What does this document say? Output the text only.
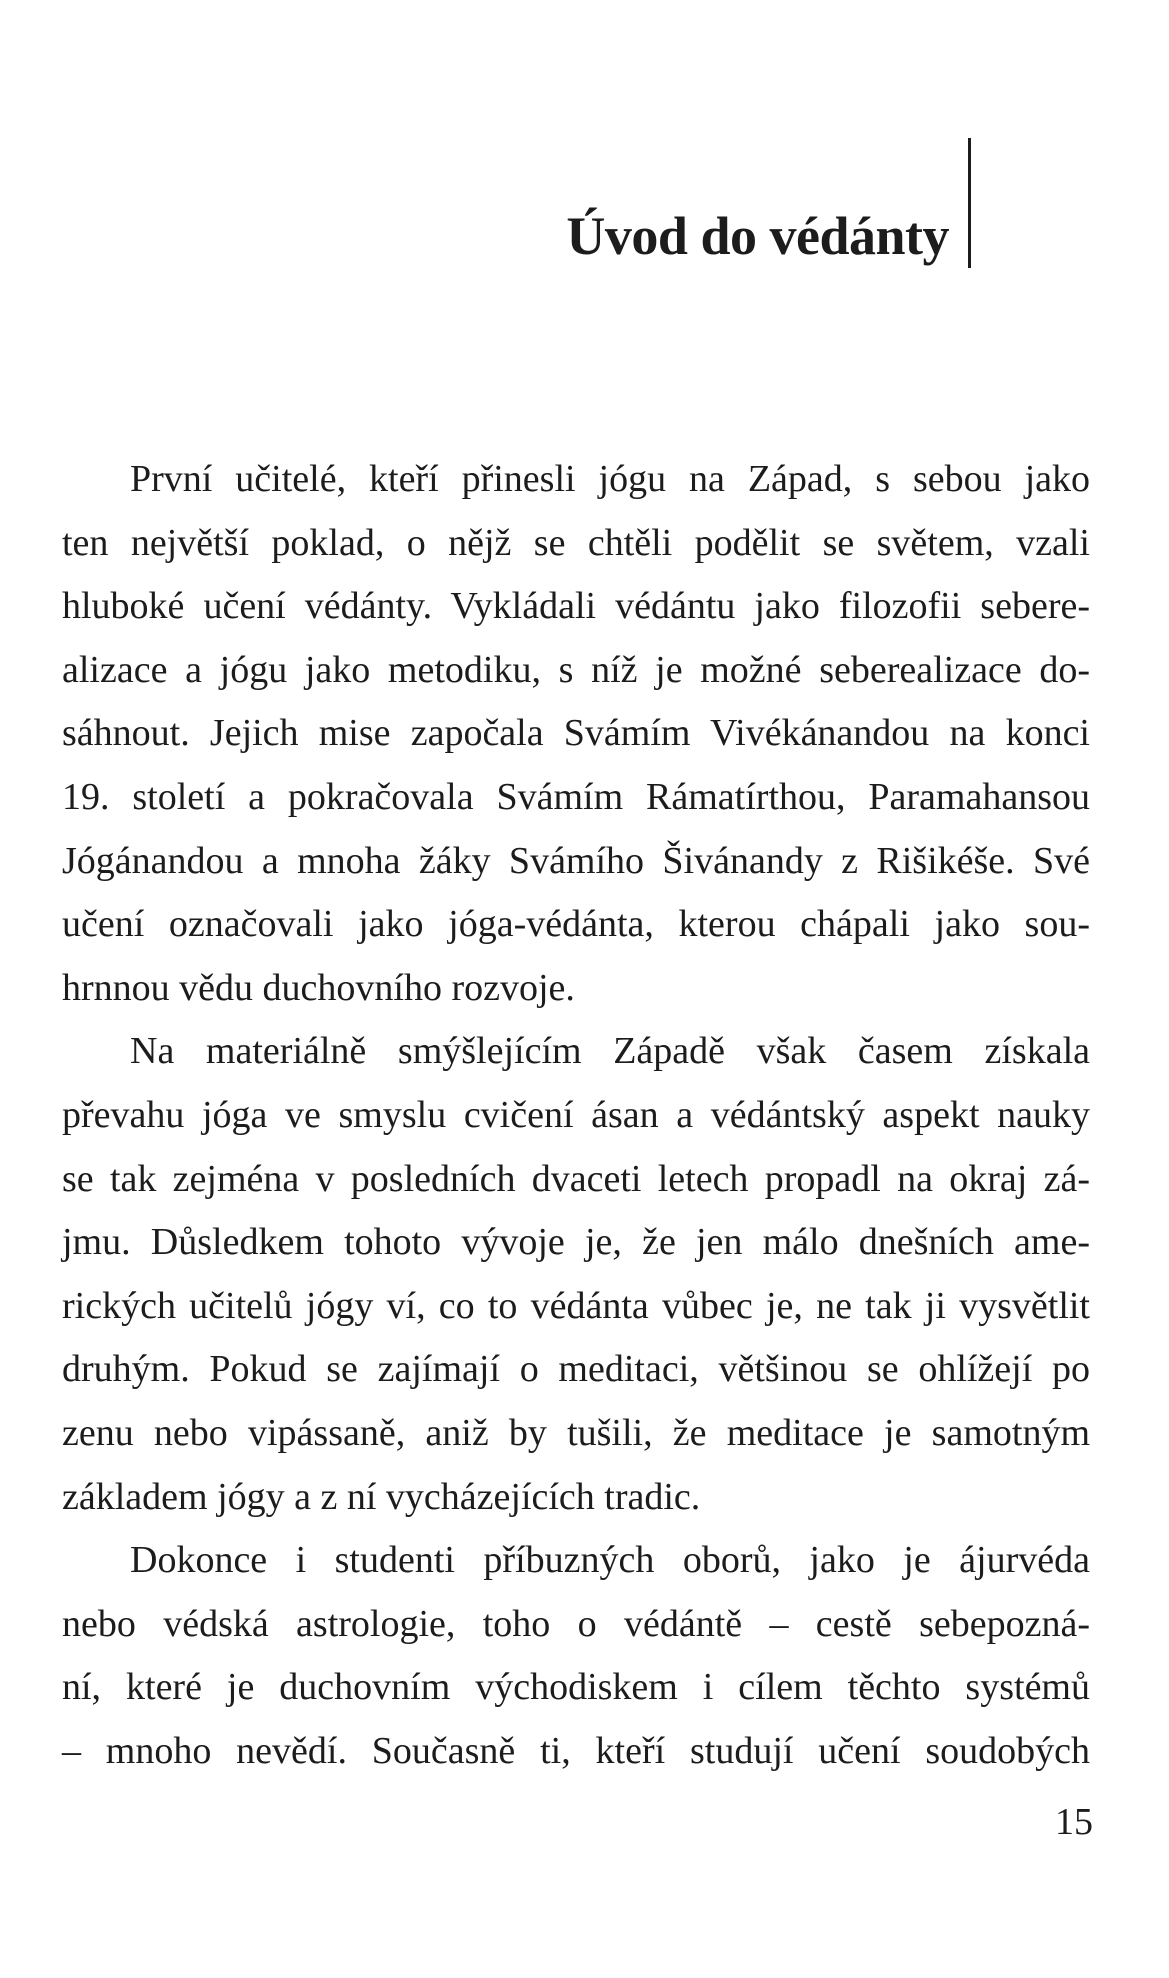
Úvod do védánty
První učitelé, kteří přinesli jógu na Západ, s sebou jako
ten největší poklad, o nějž se chtěli podělit se světem, vzali
hluboké učení védánty. Vykládali védántu jako filozofii sebere-
alizace a jógu jako metodiku, s níž je možné seberealizace do-
sáhnout. Jejich mise započala Svámím Vivékánandou na konci
19. století a pokračovala Svámím Rámatírthou, Paramahansou
Jógánandou a mnoha žáky Svámího Šivánandy z Rišikéše. Své
učení označovali jako jóga-védánta, kterou chápali jako sou-
hrnnou vědu duchovního rozvoje.
Na materiálně smýšlejícím Západě však časem získala
převahu jóga ve smyslu cvičení ásan a védántský aspekt nauky
se tak zejména v posledních dvaceti letech propadl na okraj zá-
jmu. Důsledkem tohoto vývoje je, že jen málo dnešních ame-
rických učitelů jógy ví, co to védánta vůbec je, ne tak ji vysvětlit
druhým. Pokud se zajímají o meditaci, většinou se ohlížejí po
zenu nebo vipássaně, aniž by tušili, že meditace je samotným
základem jógy a z ní vycházejících tradic.
Dokonce i studenti příbuzných oborů, jako je ájurvéda
nebo védská astrologie, toho o védántě – cestě sebepozná-
ní, které je duchovním východiskem i cílem těchto systémů
– mnoho nevědí. Současně ti, kteří studují učení soudobých

15
